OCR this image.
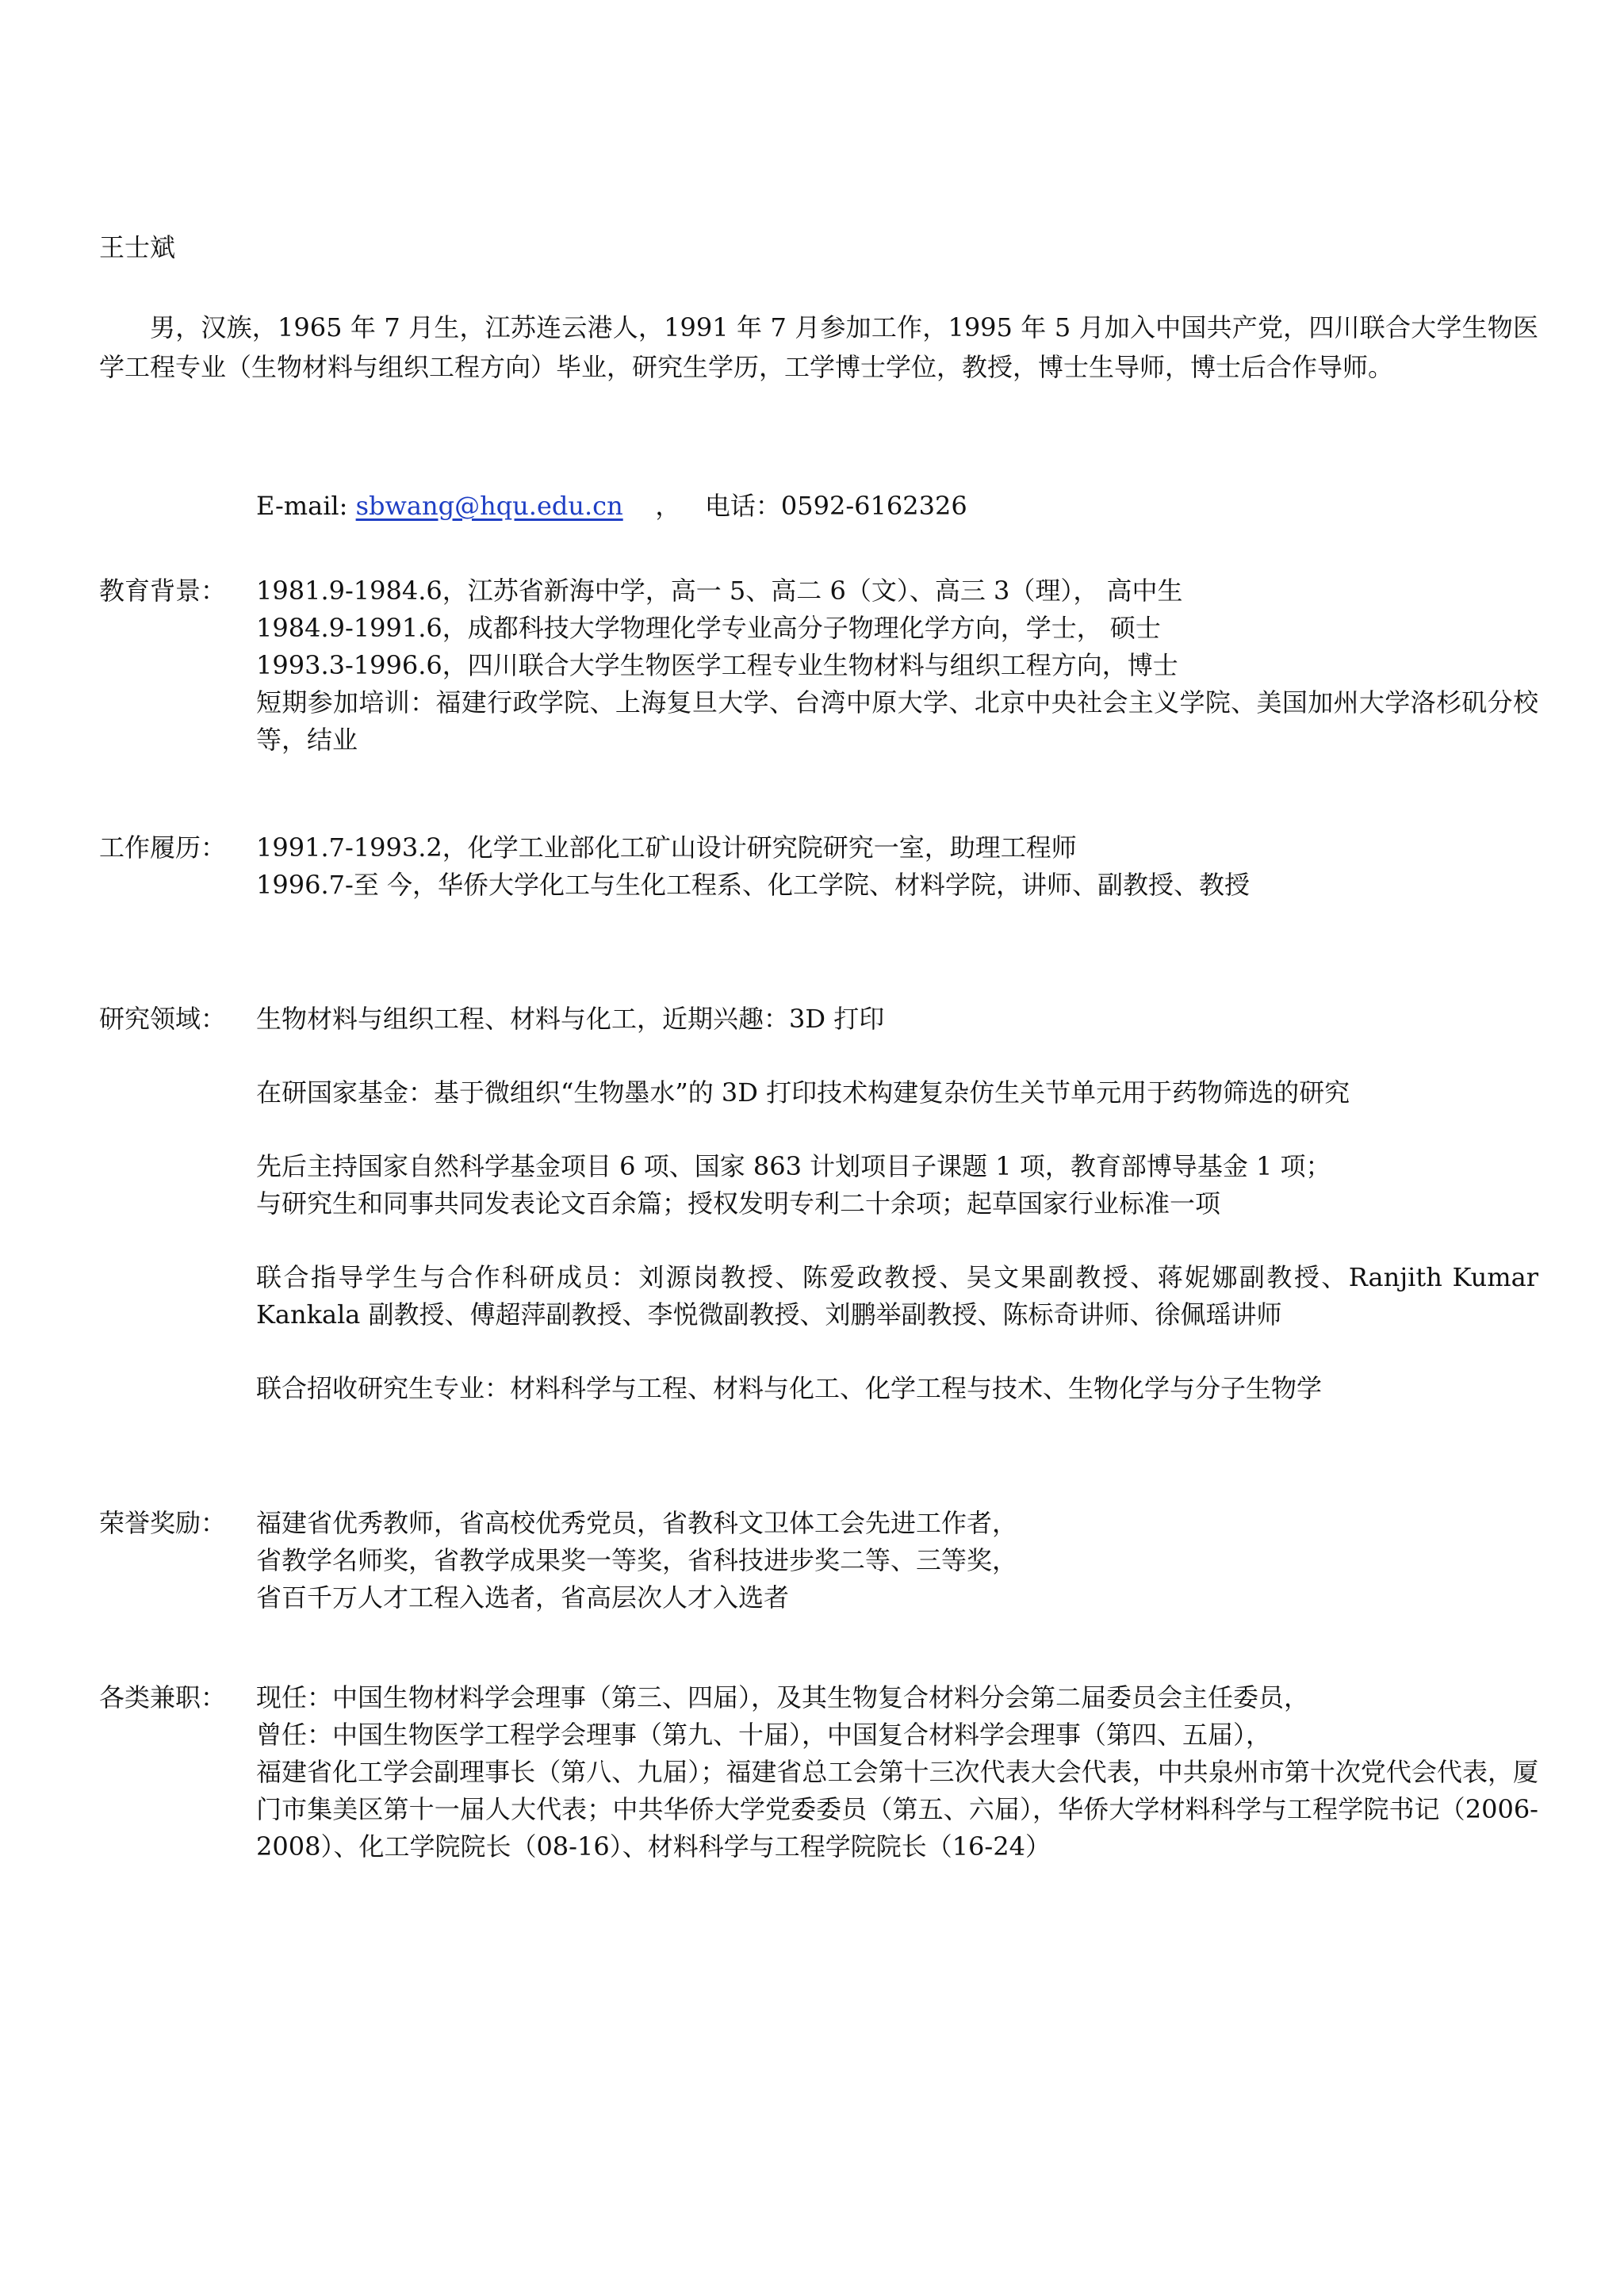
王士斌
男，汉族，1965 年 7 月生，江苏连云港人，1991 年 7 月参加工作，1995 年 5 月加入中国共产党，四川联合大学生物医学工程专业（生物材料与组织工程方向）毕业，研究生学历，工学博士学位，教授，博士生导师，博士后合作导师。
E-mail: sbwang@hqu.edu.cn    ，   电话：0592-6162326
教育背景： 1981.9-1984.6，江苏省新海中学，高一 5、高二 6（文）、高三 3（理）， 高中生
1984.9-1991.6，成都科技大学物理化学专业高分子物理化学方向，学士， 硕士
1993.3-1996.6，四川联合大学生物医学工程专业生物材料与组织工程方向，博士
短期参加培训：福建行政学院、上海复旦大学、台湾中原大学、北京中央社会主义学院、美国加州大学洛杉矶分校等，结业
工作履历： 1991.7-1993.2，化学工业部化工矿山设计研究院研究一室，助理工程师
1996.7-至 今，华侨大学化工与生化工程系、化工学院、材料学院，讲师、副教授、教授
研究领域： 生物材料与组织工程、材料与化工，近期兴趣：3D 打印
在研国家基金：基于微组织“生物墨水”的 3D 打印技术构建复杂仿生关节单元用于药物筛选的研究
先后主持国家自然科学基金项目 6 项、国家 863 计划项目子课题 1 项，教育部博导基金 1 项；
与研究生和同事共同发表论文百余篇；授权发明专利二十余项；起草国家行业标准一项
联合指导学生与合作科研成员：刘源岗教授、陈爱政教授、吴文果副教授、蒋妮娜副教授、Ranjith Kumar Kankala 副教授、傅超萍副教授、李悦微副教授、刘鹏举副教授、陈标奇讲师、徐佩瑶讲师
联合招收研究生专业：材料科学与工程、材料与化工、化学工程与技术、生物化学与分子生物学
荣誉奖励： 福建省优秀教师，省高校优秀党员，省教科文卫体工会先进工作者，
省教学名师奖，省教学成果奖一等奖，省科技进步奖二等、三等奖，
省百千万人才工程入选者，省高层次人才入选者
各类兼职： 现任：中国生物材料学会理事（第三、四届），及其生物复合材料分会第二届委员会主任委员，
曾任：中国生物医学工程学会理事（第九、十届），中国复合材料学会理事（第四、五届），
福建省化工学会副理事长（第八、九届）；福建省总工会第十三次代表大会代表，中共泉州市第十次党代会代表，厦门市集美区第十一届人大代表；中共华侨大学党委委员（第五、六届），华侨大学材料科学与工程学院书记（2006-2008）、化工学院院长（08-16）、材料科学与工程学院院长（16-24）
